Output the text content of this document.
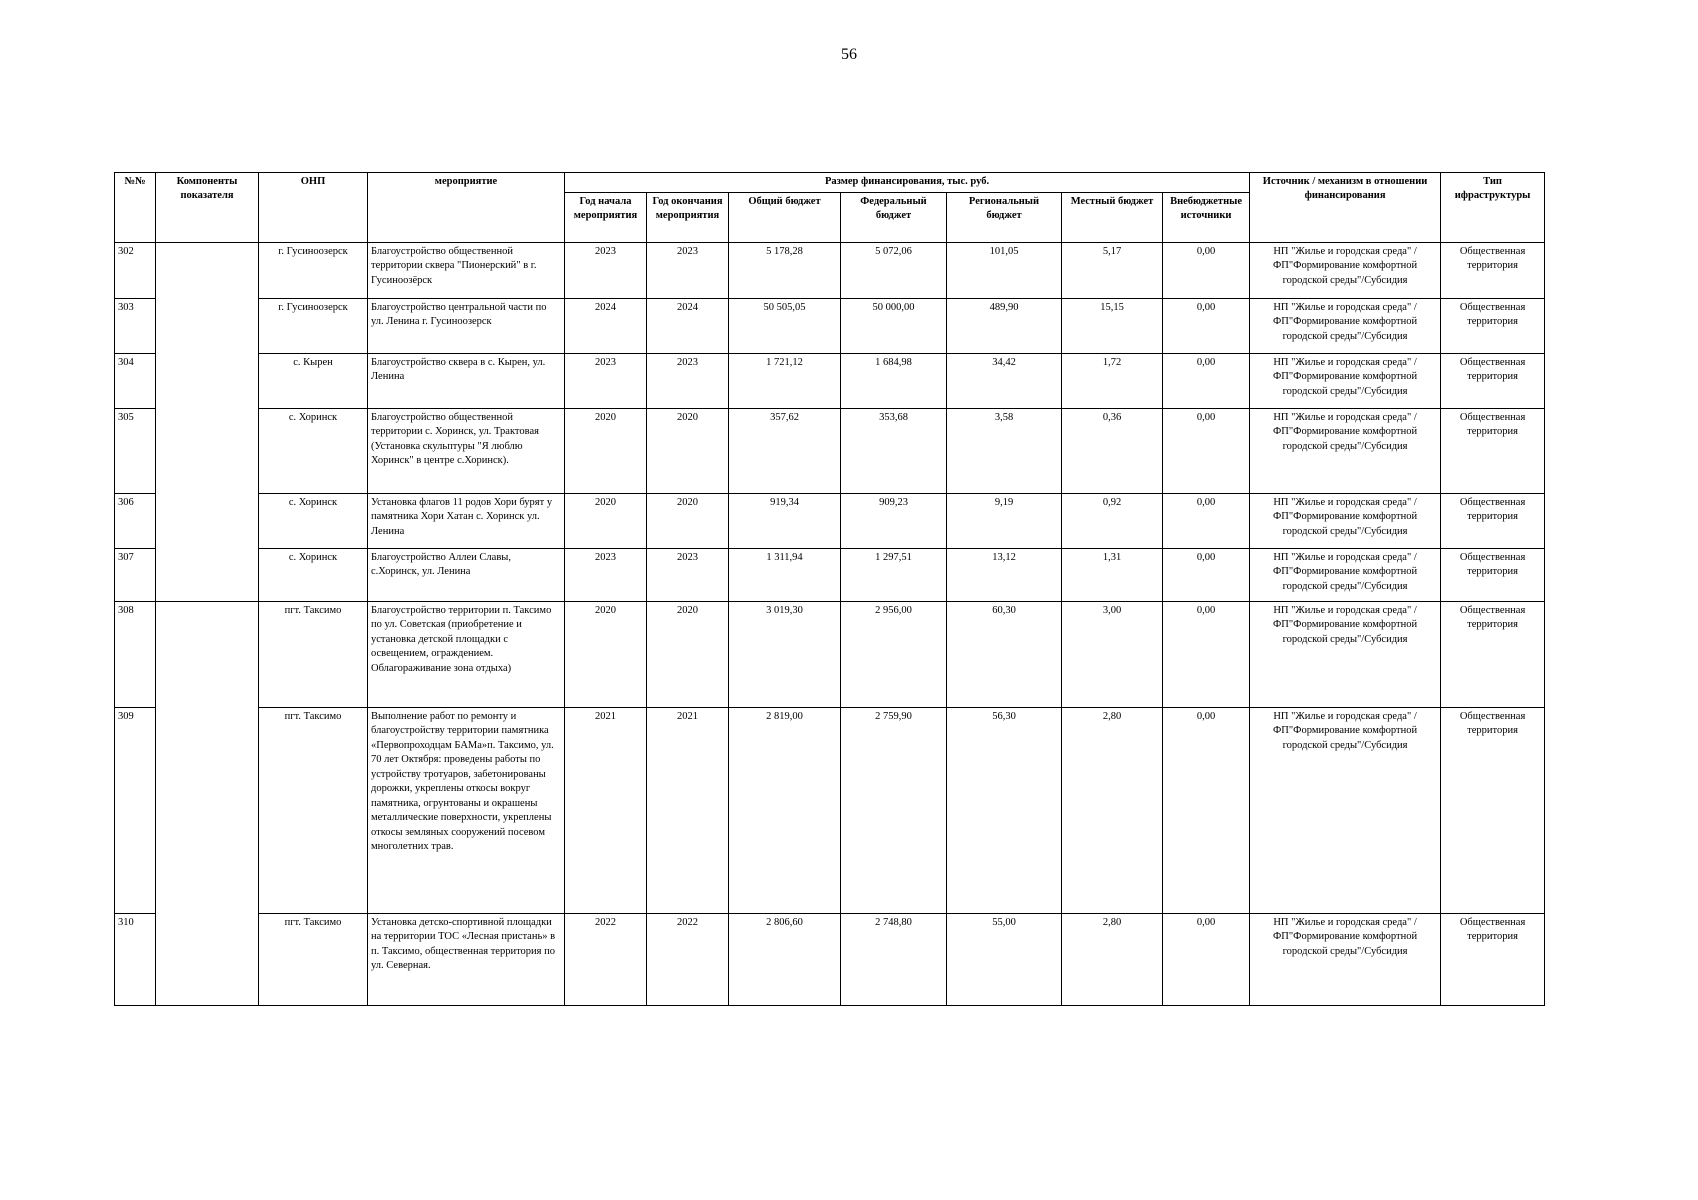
56
№№	Компоненты показателя	ОНП	мероприятие	Размер финансирования, тыс. руб.							Источник / механизм в отношении финансирования	Тип ифраструктуры
				Год начала мероприятия	Год окончания мероприятия	Общий бюджет	Федеральный бюджет	Региональный бюджет	Местный бюджет	Внебюджетные источники		
302		г. Гусиноозерск	Благоустройство общественной территории сквера "Пионерский" в г. Гусиноозёрск	2023	2023	5 178,28	5 072,06	101,05	5,17	0,00	НП "Жилье и городская среда" /ФП"Формирование комфортной городской среды"/Субсидия	Общественная территория
303		г. Гусиноозерск	Благоустройство центральной части по ул. Ленина г. Гусиноозерск	2024	2024	50 505,05	50 000,00	489,90	15,15	0,00	НП "Жилье и городская среда" /ФП"Формирование комфортной городской среды"/Субсидия	Общественная территория
304		с. Кырен	Благоустройство сквера в с. Кырен, ул. Ленина	2023	2023	1 721,12	1 684,98	34,42	1,72	0,00	НП "Жилье и городская среда" /ФП"Формирование комфортной городской среды"/Субсидия	Общественная территория
305		с. Хоринск	Благоустройство общественной территории с. Хоринск, ул. Трактовая (Установка скульптуры "Я люблю Хоринск" в центре с.Хоринск).	2020	2020	357,62	353,68	3,58	0,36	0,00	НП "Жилье и городская среда" /ФП"Формирование комфортной городской среды"/Субсидия	Общественная территория
306		с. Хоринск	Установка флагов 11 родов Хори бурят у памятника Хори Хатан с. Хоринск ул. Ленина	2020	2020	919,34	909,23	9,19	0,92	0,00	НП "Жилье и городская среда" /ФП"Формирование комфортной городской среды"/Субсидия	Общественная территория
307		с. Хоринск	Благоустройство Аллеи Славы, с.Хоринск, ул. Ленина	2023	2023	1 311,94	1 297,51	13,12	1,31	0,00	НП "Жилье и городская среда" /ФП"Формирование комфортной городской среды"/Субсидия	Общественная территория
308		пгт. Таксимо	Благоустройство территории п. Таксимо по ул. Советская (приобретение и установка детской площадки с освещением, ограждением. Облагораживание зона отдыха)	2020	2020	3 019,30	2 956,00	60,30	3,00	0,00	НП "Жилье и городская среда" /ФП"Формирование комфортной городской среды"/Субсидия	Общественная территория
309		пгт. Таксимо	Выполнение работ по ремонту и благоустройству территории памятника «Первопроходцам БАМа»п. Таксимо, ул. 70 лет Октября: проведены работы по устройству тротуаров, забетонированы дорожки, укреплены откосы вокруг памятника, огрунтованы и окрашены металлические поверхности, укреплены откосы земляных сооружений посевом многолетних трав.	2021	2021	2 819,00	2 759,90	56,30	2,80	0,00	НП "Жилье и городская среда" /ФП"Формирование комфортной городской среды"/Субсидия	Общественная территория
310		пгт. Таксимо	Установка детско-спортивной площадки на территории ТОС «Лесная пристань» в п. Таксимо, общественная территория по ул. Северная.	2022	2022	2 806,60	2 748,80	55,00	2,80	0,00	НП "Жилье и городская среда" /ФП"Формирование комфортной городской среды"/Субсидия	Общественная территория
